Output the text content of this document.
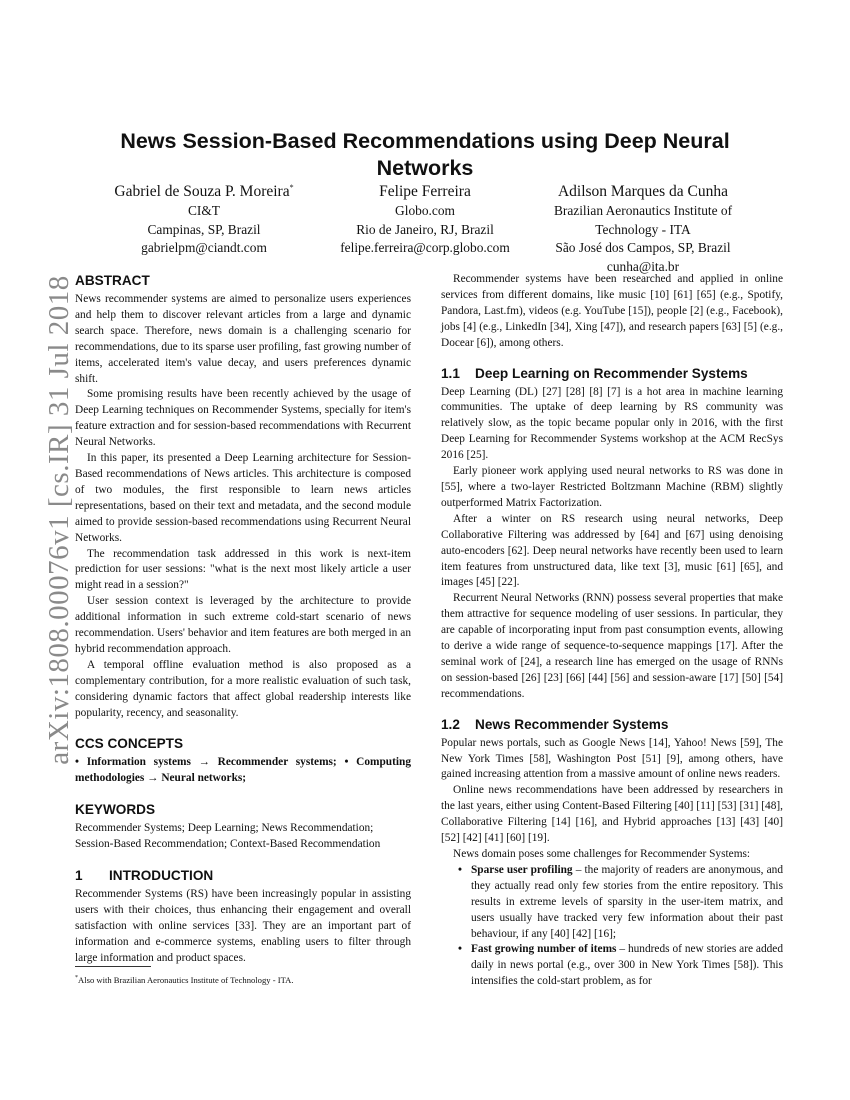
arXiv:1808.00076v1 [cs.IR] 31 Jul 2018
News Session-Based Recommendations using Deep Neural Networks
Gabriel de Souza P. Moreira*
CI&T
Campinas, SP, Brazil
gabrielpm@ciandt.com
Felipe Ferreira
Globo.com
Rio de Janeiro, RJ, Brazil
felipe.ferreira@corp.globo.com
Adilson Marques da Cunha
Brazilian Aeronautics Institute of Technology - ITA
São José dos Campos, SP, Brazil
cunha@ita.br
ABSTRACT

News recommender systems are aimed to personalize users experiences and help them to discover relevant articles from a large and dynamic search space. Therefore, news domain is a challenging scenario for recommendations, due to its sparse user profiling, fast growing number of items, accelerated item's value decay, and users preferences dynamic shift.

Some promising results have been recently achieved by the usage of Deep Learning techniques on Recommender Systems, specially for item's feature extraction and for session-based recommendations with Recurrent Neural Networks.

In this paper, its presented a Deep Learning architecture for Session-Based recommendations of News articles. This architecture is composed of two modules, the first responsible to learn news articles representations, based on their text and metadata, and the second module aimed to provide session-based recommendations using Recurrent Neural Networks.

The recommendation task addressed in this work is next-item prediction for user sessions: "what is the next most likely article a user might read in a session?"

User session context is leveraged by the architecture to provide additional information in such extreme cold-start scenario of news recommendation. Users' behavior and item features are both merged in an hybrid recommendation approach.

A temporal offline evaluation method is also proposed as a complementary contribution, for a more realistic evaluation of such task, considering dynamic factors that affect global readership interests like popularity, recency, and seasonality.

CCS CONCEPTS

• Information systems → Recommender systems; • Computing methodologies → Neural networks;

KEYWORDS

Recommender Systems; Deep Learning; News Recommendation; Session-Based Recommendation; Context-Based Recommendation

1 INTRODUCTION

Recommender Systems (RS) have been increasingly popular in assisting users with their choices, thus enhancing their engagement and overall satisfaction with online services [33]. They are an important part of information and e-commerce systems, enabling users to filter through large information and product spaces.

*Also with Brazilian Aeronautics Institute of Technology - ITA.

Recommender systems have been researched and applied in online services from different domains, like music [10] [61] [65] (e.g., Spotify, Pandora, Last.fm), videos (e.g. YouTube [15]), people [2] (e.g., Facebook), jobs [4] (e.g., LinkedIn [34], Xing [47]), and research papers [63] [5] (e.g., Docear [6]), among others.

1.1 Deep Learning on Recommender Systems

Deep Learning (DL) [27] [28] [8] [7] is a hot area in machine learning communities. The uptake of deep learning by RS community was relatively slow, as the topic became popular only in 2016, with the first Deep Learning for Recommender Systems workshop at the ACM RecSys 2016 [25].

Early pioneer work applying used neural networks to RS was done in [55], where a two-layer Restricted Boltzmann Machine (RBM) slightly outperformed Matrix Factorization.

After a winter on RS research using neural networks, Deep Collaborative Filtering was addressed by [64] and [67] using denoising auto-encoders [62]. Deep neural networks have recently been used to learn item features from unstructured data, like text [3], music [61] [65], and images [45] [22].

Recurrent Neural Networks (RNN) possess several properties that make them attractive for sequence modeling of user sessions. In particular, they are capable of incorporating input from past consumption events, allowing to derive a wide range of sequence-to-sequence mappings [17]. After the seminal work of [24], a research line has emerged on the usage of RNNs on session-based [26] [23] [66] [44] [56] and session-aware [17] [50] [54] recommendations.

1.2 News Recommender Systems

Popular news portals, such as Google News [14], Yahoo! News [59], The New York Times [58], Washington Post [51] [9], among others, have gained increasing attention from a massive amount of online news readers.

Online news recommendations have been addressed by researchers in the last years, either using Content-Based Filtering [40] [11] [53] [31] [48], Collaborative Filtering [14] [16], and Hybrid approaches [13] [43] [40] [52] [42] [41] [60] [19].

News domain poses some challenges for Recommender Systems:

• Sparse user profiling – the majority of readers are anonymous, and they actually read only few stories from the entire repository. This results in extreme levels of sparsity in the user-item matrix, and users usually have tracked very few information about their past behaviour, if any [40] [42] [16];
• Fast growing number of items – hundreds of new stories are added daily in news portal (e.g., over 300 in New York Times [58]). This intensifies the cold-start problem, as for
